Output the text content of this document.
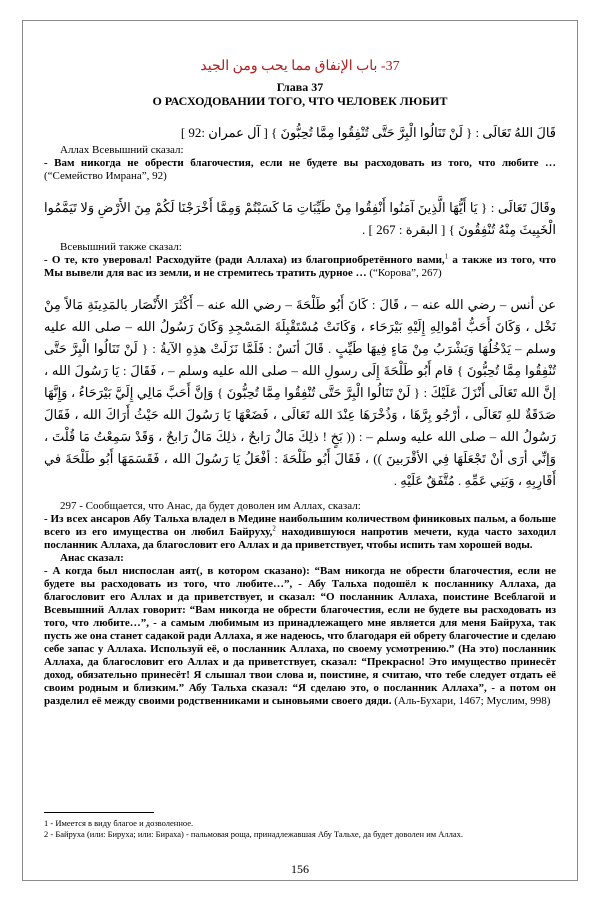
37- باب الإنفاق مما يحب ومن الجيد
Глава 37
О РАСХОДОВАНИИ ТОГО, ЧТО ЧЕЛОВЕК ЛЮБИТ
قَالَ اللهُ تَعَالَى : { لَنْ تَنَالُوا الْبِرَّ حَتَّى تُنْفِقُوا مِمَّا تُحِبُّونَ } [ آل عمران :92 ]
Аллах Всевышний сказал:
- Вам никогда не обрести благочестия, если не будете вы расходовать из того, что любите … (“Семейство Имрана”, 92)
وقَالَ تَعَالَى : { يَا أَيُّهَا الَّذِينَ آمَنُوا أَنْفِقُوا مِنْ طَيِّبَاتِ مَا كَسَبْتُمْ وَمِمَّا أَخْرَجْنَا لَكُمْ مِنَ الأَرْضِ وَلا تَيَمَّمُوا الْخَبِيثَ مِنْهُ تُنْفِقُونَ } [ البقرة : 267 ] .
Всевышний также сказал:
- О те, кто уверовал! Расходуйте (ради Аллаха) из благоприобретённого вами,$^1$ а также из того, что Мы вывели для вас из земли, и не стремитесь тратить дурное … (“Корова”, 267)
عن أنس – رضي الله عنه – ، قَالَ : كَانَ أَبُو طَلْحَةَ – رضي الله عنه – أَكْثَرَ الأَنْصَار بالمَدِينَةِ مَالاً مِنْ نَخْل ، وَكَانَ أَحَبُّ أمْوالِهِ إِلَيْهِ بَيْرَحَاء ، وَكَانَتْ مُسْتَقْبِلَةَ المَسْجِدِ وَكَانَ رَسُولُ الله – صلى الله عليه وسلم – يَدْخُلُهَا وَيَشْرَبُ مِنْ مَاءٍ فِيهَا طَيِّبٍ . قَالَ أنَسٌ : فَلَمَّا نَزَلَتْ هذِهِ الآيةُ : { لَنْ تَنَالُوا الْبِرَّ حَتَّى تُنْفِقُوا مِمَّا تُحِبُّونَ } قام أَبُو طَلْحَةَ إِلَى رسولِ الله – صلى الله عليه وسلم – ، فَقَالَ : يَا رَسُولَ الله ، إنَّ الله تَعَالَى أَنْزَلَ عَلَيْكَ : { لَنْ تَنَالُوا الْبِرَّ حَتَّى تُنْفِقُوا مِمَّا تُحِبُّونَ } وَإنَّ أَحَبَّ مَالِي إِلَيَّ بَيْرَحَاءُ ، وَإِنَّهَا صَدَقَةٌ للهِ تَعَالَى ، أرْجُو بِرَّهَا ، وَذُخْرَهَا عِنْدَ الله تَعَالَى ، فَضَعْهَا يَا رَسُولَ الله حَيْثُ أَرَاكَ الله ، فَقَالَ رَسُولُ الله – صلى الله عليه وسلم – : (( بَخٍ ! ذلِكَ مَالٌ رَابحٌ ، ذلِكَ مَالٌ رَابحٌ ، وَقَدْ سَمِعْتُ مَا قُلْتَ ، وَإنِّي أرَى أنْ تَجْعَلَهَا فِي الأقْرَبينَ )) ، فَقَالَ أَبُو طَلْحَةَ : أفْعَلُ يَا رَسُولَ الله ، فَقَسَمَهَا أَبُو طَلْحَةَ في أَقَارِبِهِ ، وَبَنِي عَمِّهِ . مُتَّفَقٌ عَلَيْهِ .
297 - Сообщается, что Анас, да будет доволен им Аллах, сказал:
- Из всех ансаров Абу Тальха владел в Медине наибольшим количеством финиковых пальм, а больше всего из его имущества он любил Байруху,$^2$ находившуюся напротив мечети, куда часто заходил посланник Аллаха, да благословит его Аллах и да приветствует, чтобы испить там хорошей воды.
Анас сказал:
- А когда был ниспослан аят(, в котором сказано): “Вам никогда не обрести благочестия, если не будете вы расходовать из того, что любите…”, - Абу Тальха подошёл к посланнику Аллаха, да благословит его Аллах и да приветствует, и сказал: “О посланник Аллаха, поистине Всеблагой и Всевышний Аллах говорит: “Вам никогда не обрести благочестия, если не будете вы расходовать из того, что любите…”, - а самым любимым из принадлежащего мне является для меня Байруха, так пусть же она станет садакой ради Аллаха, я же надеюсь, что благодаря ей обрету благочестие и сделаю себе запас у Аллаха. Используй её, о посланник Аллаха, по своему усмотрению.” (На это) посланник Аллаха, да благословит его Аллах и да приветствует, сказал: “Прекрасно! Это имущество принесёт доход, обязательно принесёт! Я слышал твои слова и, поистине, я считаю, что тебе следует отдать её своим родным и близким.” Абу Тальха сказал: “Я сделаю это, о посланник Аллаха”, - а потом он разделил её между своими родственниками и сыновьями своего дяди. (Аль-Бухари, 1467; Муслим, 998)
1 - Имеется в виду благое и дозволенное.
2 - Байруха (или: Бируха; или: Бираха) - пальмовая роща, принадлежавшая Абу Тальхе, да будет доволен им Аллах.
156
